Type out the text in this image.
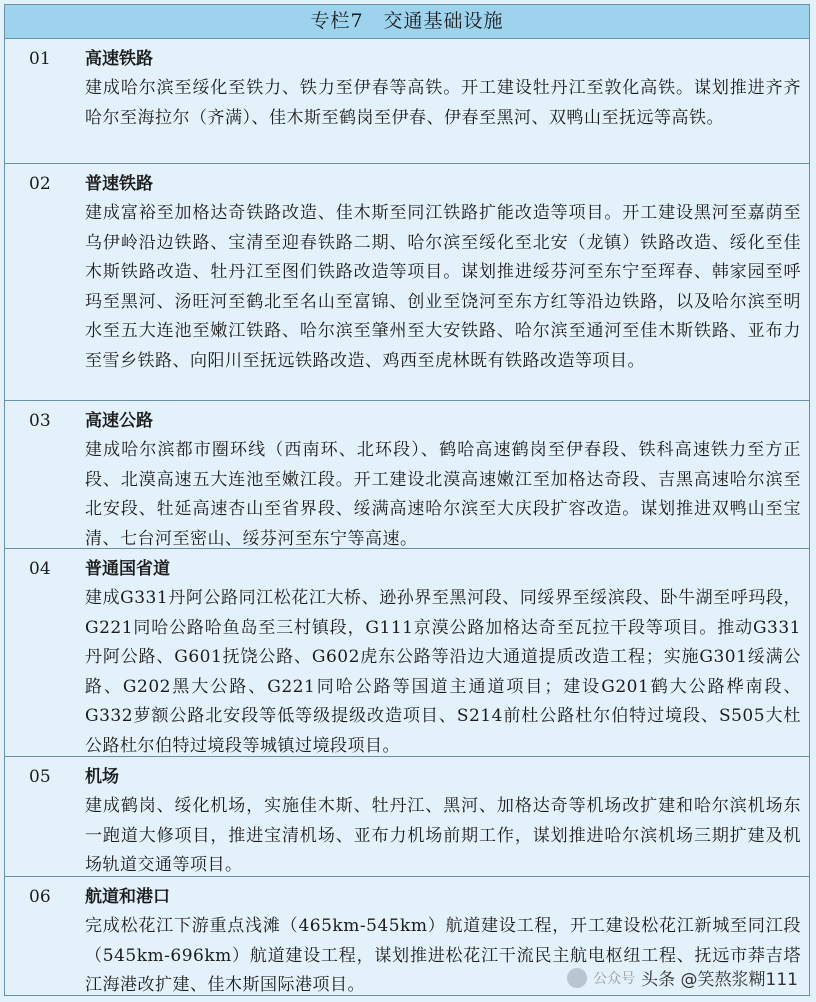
专栏7　交通基础设施
01 高速铁路
建成哈尔滨至绥化至铁力、铁力至伊春等高铁。开工建设牡丹江至敦化高铁。谋划推进齐齐哈尔至海拉尔（齐满）、佳木斯至鹤岗至伊春、伊春至黑河、双鸭山至抚远等高铁。
02 普速铁路
建成富裕至加格达奇铁路改造、佳木斯至同江铁路扩能改造等项目。开工建设黑河至嘉荫至乌伊岭沿边铁路、宝清至迎春铁路二期、哈尔滨至绥化至北安（龙镇）铁路改造、绥化至佳木斯铁路改造、牡丹江至图们铁路改造等项目。谋划推进绥芬河至东宁至珲春、韩家园至呼玛至黑河、汤旺河至鹤北至名山至富锦、创业至饶河至东方红等沿边铁路，以及哈尔滨至明水至五大连池至嫩江铁路、哈尔滨至肇州至大安铁路、哈尔滨至通河至佳木斯铁路、亚布力至雪乡铁路、向阳川至抚远铁路改造、鸡西至虎林既有铁路改造等项目。
03 高速公路
建成哈尔滨都市圈环线（西南环、北环段）、鹤哈高速鹤岗至伊春段、铁科高速铁力至方正段、北漠高速五大连池至嫩江段。开工建设北漠高速嫩江至加格达奇段、吉黑高速哈尔滨至北安段、牡延高速杏山至省界段、绥满高速哈尔滨至大庆段扩容改造。谋划推进双鸭山至宝清、七台河至密山、绥芬河至东宁等高速。
04 普通国省道
建成G331丹阿公路同江松花江大桥、逊孙界至黑河段、同绥界至绥滨段、卧牛湖至呼玛段，G221同哈公路哈鱼岛至三村镇段，G111京漠公路加格达奇至瓦拉干段等项目。推动G331丹阿公路、G601抚饶公路、G602虎东公路等沿边大通道提质改造工程；实施G301绥满公路、G202黑大公路、G221同哈公路等国道主通道项目；建设G201鹤大公路桦南段、G332萝额公路北安段等低等级提级改造项目、S214前杜公路杜尔伯特过境段、S505大杜公路杜尔伯特过境段等城镇过境段项目。
05 机场
建成鹤岗、绥化机场，实施佳木斯、牡丹江、黑河、加格达奇等机场改扩建和哈尔滨机场东一跑道大修项目，推进宝清机场、亚布力机场前期工作，谋划推进哈尔滨机场三期扩建及机场轨道交通等项目。
06 航道和港口
完成松花江下游重点浅滩（465km-545km）航道建设工程，开工建设松花江新城至同江段（545km-696km）航道建设工程，谋划推进松花江干流民主航电枢纽工程、抚远市莽吉塔江海港改扩建、佳木斯国际港项目。	公众号 头条 @笑熬浆糊111
